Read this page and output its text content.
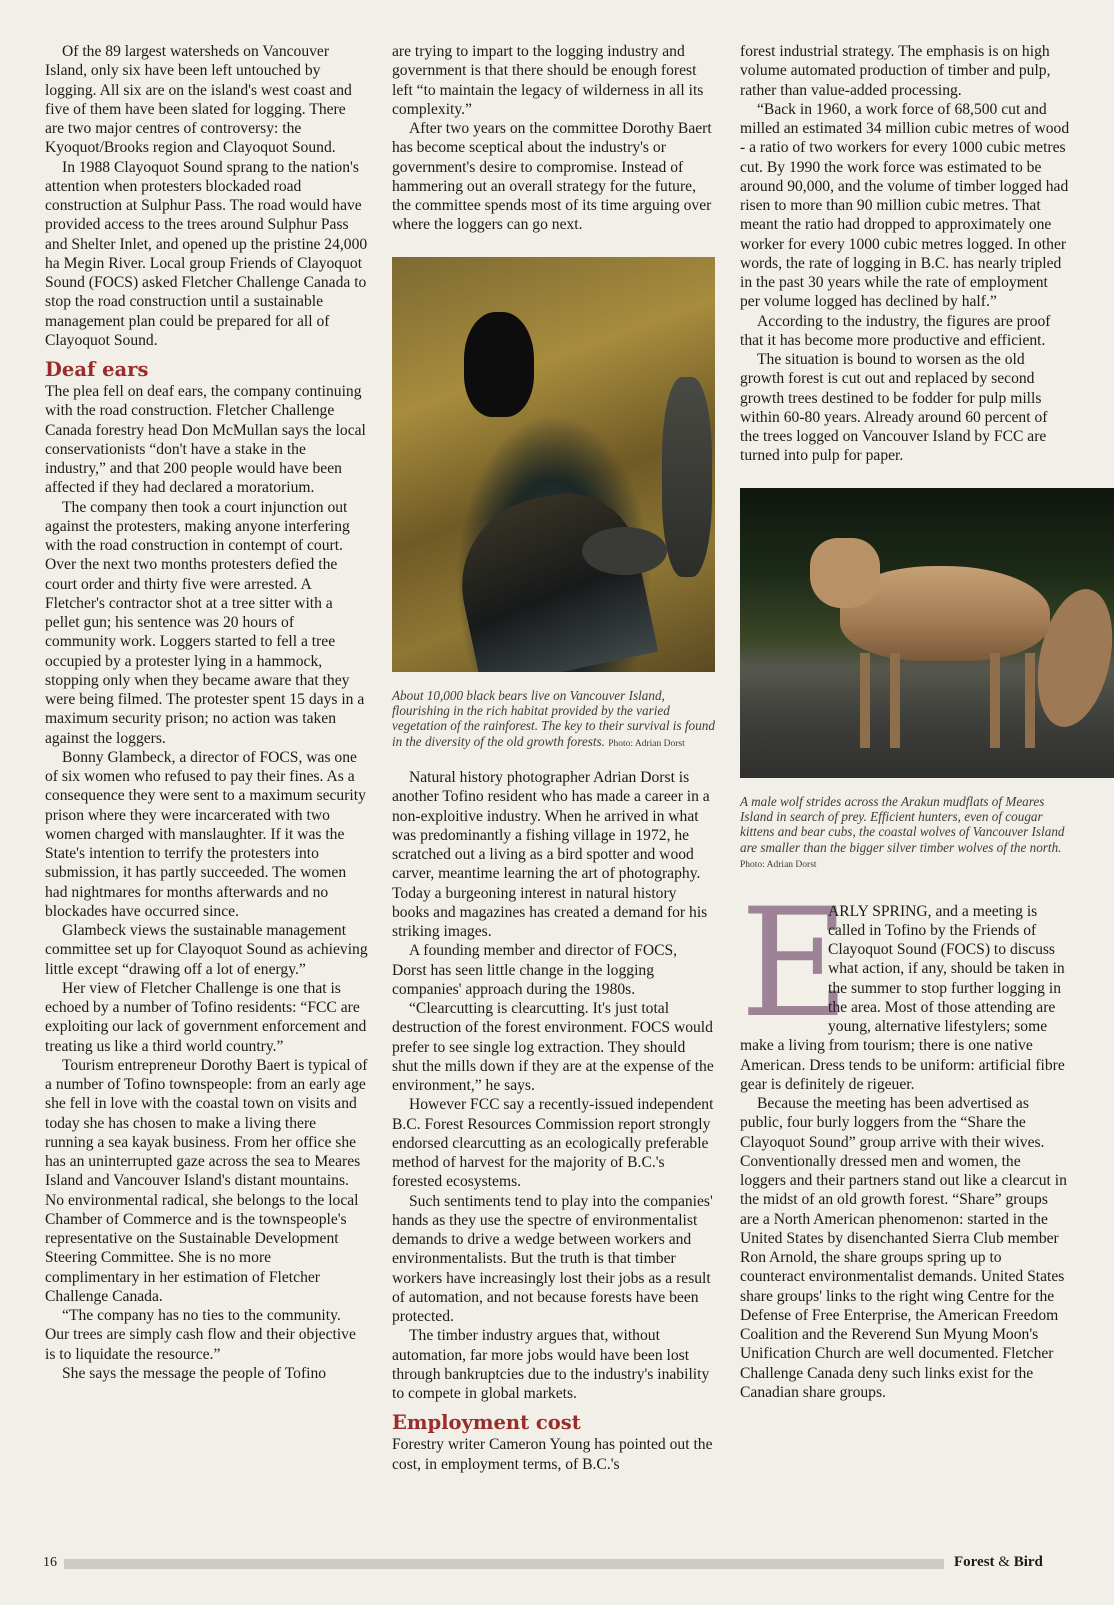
Of the 89 largest watersheds on Vancouver Island, only six have been left untouched by logging. All six are on the island's west coast and five of them have been slated for logging. There are two major centres of controversy: the Kyoquot/Brooks region and Clayoquot Sound.

In 1988 Clayoquot Sound sprang to the nation's attention when protesters blockaded road construction at Sulphur Pass. The road would have provided access to the trees around Sulphur Pass and Shelter Inlet, and opened up the pristine 24,000 ha Megin River. Local group Friends of Clayoquot Sound (FOCS) asked Fletcher Challenge Canada to stop the road construction until a sustainable management plan could be prepared for all of Clayoquot Sound.

Deaf ears

The plea fell on deaf ears, the company continuing with the road construction. Fletcher Challenge Canada forestry head Don McMullan says the local conservationists “don't have a stake in the industry,” and that 200 people would have been affected if they had declared a moratorium.

The company then took a court injunction out against the protesters, making anyone interfering with the road construction in contempt of court. Over the next two months protesters defied the court order and thirty five were arrested. A Fletcher's contractor shot at a tree sitter with a pellet gun; his sentence was 20 hours of community work. Loggers started to fell a tree occupied by a protester lying in a hammock, stopping only when they became aware that they were being filmed. The protester spent 15 days in a maximum security prison; no action was taken against the loggers.

Bonny Glambeck, a director of FOCS, was one of six women who refused to pay their fines. As a consequence they were sent to a maximum security prison where they were incarcerated with two women charged with manslaughter. If it was the State's intention to terrify the protesters into submission, it has partly succeeded. The women had nightmares for months afterwards and no blockades have occurred since.

Glambeck views the sustainable management committee set up for Clayoquot Sound as achieving little except “drawing off a lot of energy.”

Her view of Fletcher Challenge is one that is echoed by a number of Tofino residents: “FCC are exploiting our lack of government enforcement and treating us like a third world country.”

Tourism entrepreneur Dorothy Baert is typical of a number of Tofino townspeople: from an early age she fell in love with the coastal town on visits and today she has chosen to make a living there running a sea kayak business. From her office she has an uninterrupted gaze across the sea to Meares Island and Vancouver Island's distant mountains. No environmental radical, she belongs to the local Chamber of Commerce and is the townspeople's representative on the Sustainable Development Steering Committee. She is no more complimentary in her estimation of Fletcher Challenge Canada.

“The company has no ties to the community. Our trees are simply cash flow and their objective is to liquidate the resource.”

She says the message the people of Tofino

are trying to impart to the logging industry and government is that there should be enough forest left “to maintain the legacy of wilderness in all its complexity.”

After two years on the committee Dorothy Baert has become sceptical about the industry's or government's desire to compromise. Instead of hammering out an overall strategy for the future, the committee spends most of its time arguing over where the loggers can go next.

About 10,000 black bears live on Vancouver Island, flourishing in the rich habitat provided by the varied vegetation of the rainforest. The key to their survival is found in the diversity of the old growth forests. Photo: Adrian Dorst

Natural history photographer Adrian Dorst is another Tofino resident who has made a career in a non-exploitive industry. When he arrived in what was predominantly a fishing village in 1972, he scratched out a living as a bird spotter and wood carver, meantime learning the art of photography. Today a burgeoning interest in natural history books and magazines has created a demand for his striking images.

A founding member and director of FOCS, Dorst has seen little change in the logging companies' approach during the 1980s.

“Clearcutting is clearcutting. It's just total destruction of the forest environment. FOCS would prefer to see single log extraction. They should shut the mills down if they are at the expense of the environment,” he says.

However FCC say a recently-issued independent B.C. Forest Resources Commission report strongly endorsed clearcutting as an ecologically preferable method of harvest for the majority of B.C.'s forested ecosystems.

Such sentiments tend to play into the companies' hands as they use the spectre of environmentalist demands to drive a wedge between workers and environmentalists. But the truth is that timber workers have increasingly lost their jobs as a result of automation, and not because forests have been protected.

The timber industry argues that, without automation, far more jobs would have been lost through bankruptcies due to the industry's inability to compete in global markets.

Employment cost

Forestry writer Cameron Young has pointed out the cost, in employment terms, of B.C.'s

forest industrial strategy. The emphasis is on high volume automated production of timber and pulp, rather than value-added processing.

“Back in 1960, a work force of 68,500 cut and milled an estimated 34 million cubic metres of wood - a ratio of two workers for every 1000 cubic metres cut. By 1990 the work force was estimated to be around 90,000, and the volume of timber logged had risen to more than 90 million cubic metres. That meant the ratio had dropped to approximately one worker for every 1000 cubic metres logged. In other words, the rate of logging in B.C. has nearly tripled in the past 30 years while the rate of employment per volume logged has declined by half.”

According to the industry, the figures are proof that it has become more productive and efficient.

The situation is bound to worsen as the old growth forest is cut out and replaced by second growth trees destined to be fodder for pulp mills within 60-80 years. Already around 60 percent of the trees logged on Vancouver Island by FCC are turned into pulp for paper.

A male wolf strides across the Arakun mudflats of Meares Island in search of prey. Efficient hunters, even of cougar kittens and bear cubs, the coastal wolves of Vancouver Island are smaller than the bigger silver timber wolves of the north.
Photo: Adrian Dorst
E

ARLY SPRING, and a meeting is called in Tofino by the Friends of Clayoquot Sound (FOCS) to discuss what action, if any, should be taken in the summer to stop further logging in the area. Most of those attending are young, alternative lifestylers; some make a living from tourism; there is one native American. Dress tends to be uniform: artificial fibre gear is definitely de rigeuer.

Because the meeting has been advertised as public, four burly loggers from the “Share the Clayoquot Sound” group arrive with their wives. Conventionally dressed men and women, the loggers and their partners stand out like a clearcut in the midst of an old growth forest. “Share” groups are a North American phenomenon: started in the United States by disenchanted Sierra Club member Ron Arnold, the share groups spring up to counteract environmentalist demands. United States share groups' links to the right wing Centre for the Defense of Free Enterprise, the American Freedom Coalition and the Reverend Sun Myung Moon's Unification Church are well documented. Fletcher Challenge Canada deny such links exist for the Canadian share groups.

16	Forest & Bird
